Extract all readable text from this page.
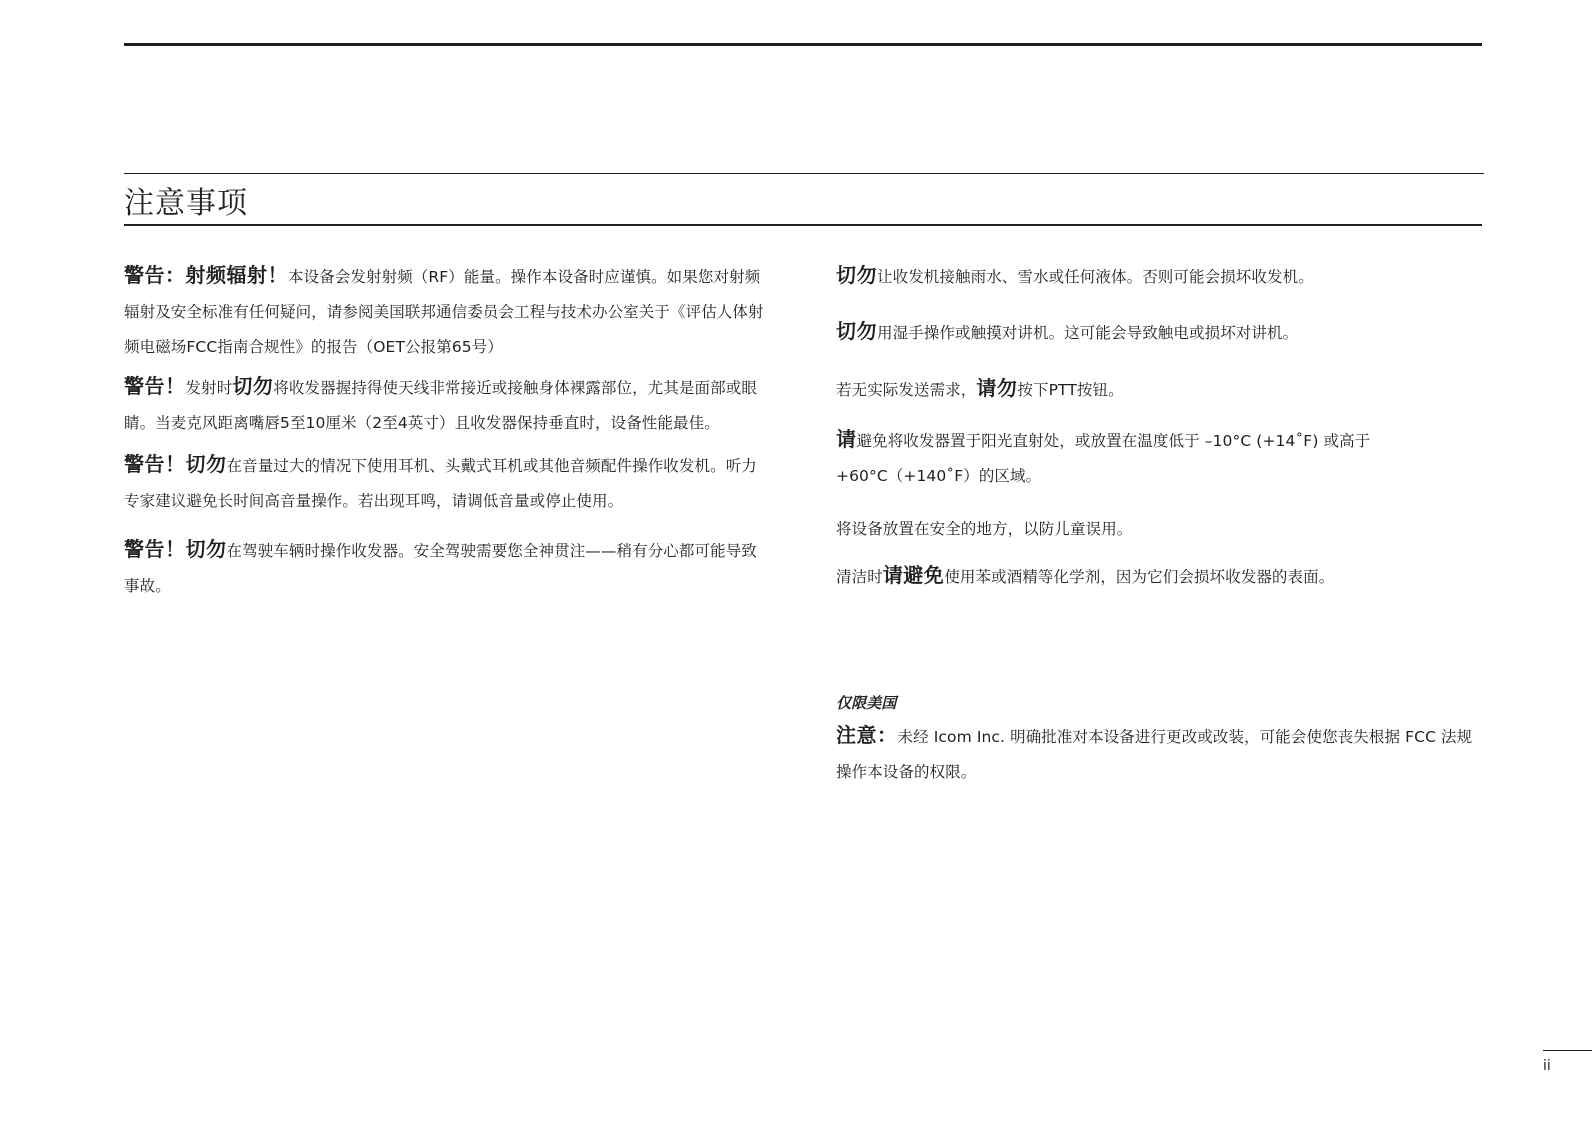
注意事项

警告：射频辐射！本设备会发射射频（RF）能量。操作本设备时应谨慎。如果您对射频辐射及安全标准有任何疑问，请参阅美国联邦通信委员会工程与技术办公室关于《评估人体射频电磁场FCC指南合规性》的报告（OET公报第65号）

警告！发射时切勿将收发器握持得使天线非常接近或接触身体裸露部位，尤其是面部或眼睛。当麦克风距离嘴唇5至10厘米（2至4英寸）且收发器保持垂直时，设备性能最佳。

警告！切勿在音量过大的情况下使用耳机、头戴式耳机或其他音频配件操作收发机。听力专家建议避免长时间高音量操作。若出现耳鸣，请调低音量或停止使用。

警告！切勿在驾驶车辆时操作收发器。安全驾驶需要您全神贯注——稍有分心都可能导致事故。

切勿让收发机接触雨水、雪水或任何液体。否则可能会损坏收发机。

切勿用湿手操作或触摸对讲机。这可能会导致触电或损坏对讲机。

若无实际发送需求，请勿按下PTT按钮。

请避免将收发器置于阳光直射处，或放置在温度低于 –10°C (+14˚F) 或高于 +60°C（+140˚F）的区域。

将设备放置在安全的地方，以防儿童误用。

清洁时请避免使用苯或酒精等化学剂，因为它们会损坏收发器的表面。

仅限美国

注意：未经 Icom Inc. 明确批准对本设备进行更改或改装，可能会使您丧失根据 FCC 法规操作本设备的权限。

ii
